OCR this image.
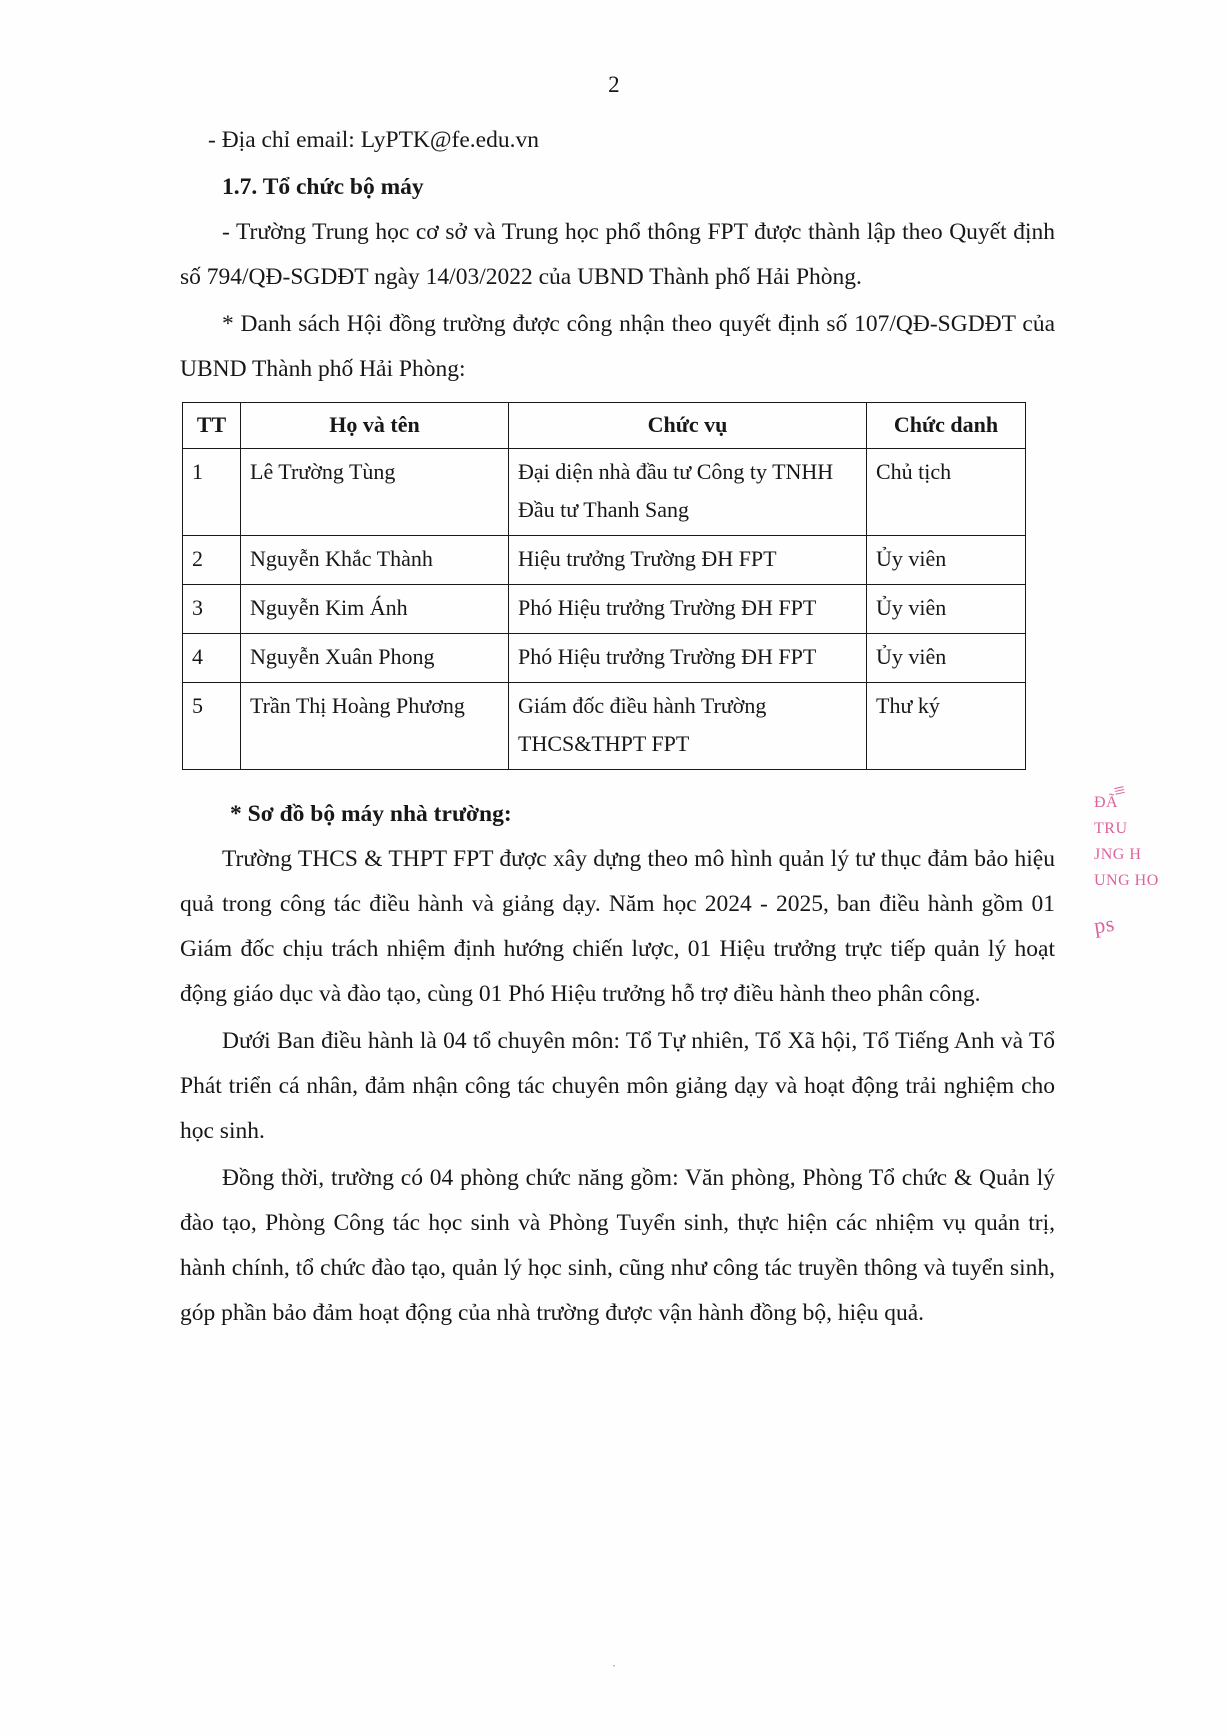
2

- Địa chỉ email: LyPTK@fe.edu.vn

1.7. Tổ chức bộ máy

- Trường Trung học cơ sở và Trung học phổ thông FPT được thành lập theo Quyết định số 794/QĐ-SGDĐT ngày 14/03/2022 của UBND Thành phố Hải Phòng.

* Danh sách Hội đồng trường được công nhận theo quyết định số 107/QĐ-SGDĐT của UBND Thành phố Hải Phòng:

TT	Họ và tên	Chức vụ	Chức danh
1	Lê Trường Tùng	Đại diện nhà đầu tư Công ty TNHH Đầu tư Thanh Sang	Chủ tịch
2	Nguyễn Khắc Thành	Hiệu trưởng Trường ĐH FPT	Ủy viên
3	Nguyễn Kim Ánh	Phó Hiệu trưởng Trường ĐH FPT	Ủy viên
4	Nguyễn Xuân Phong	Phó Hiệu trưởng Trường ĐH FPT	Ủy viên
5	Trần Thị Hoàng Phương	Giám đốc điều hành Trường THCS&THPT FPT	Thư ký

* Sơ đồ bộ máy nhà trường:

Trường THCS & THPT FPT được xây dựng theo mô hình quản lý tư thục đảm bảo hiệu quả trong công tác điều hành và giảng dạy. Năm học 2024 - 2025, ban điều hành gồm 01 Giám đốc chịu trách nhiệm định hướng chiến lược, 01 Hiệu trưởng trực tiếp quản lý hoạt động giáo dục và đào tạo, cùng 01 Phó Hiệu trưởng hỗ trợ điều hành theo phân công.

Dưới Ban điều hành là 04 tổ chuyên môn: Tổ Tự nhiên, Tổ Xã hội, Tổ Tiếng Anh và Tổ Phát triển cá nhân, đảm nhận công tác chuyên môn giảng dạy và hoạt động trải nghiệm cho học sinh.

Đồng thời, trường có 04 phòng chức năng gồm: Văn phòng, Phòng Tổ chức & Quản lý đào tạo, Phòng Công tác học sinh và Phòng Tuyển sinh, thực hiện các nhiệm vụ quản trị, hành chính, tổ chức đào tạo, quản lý học sinh, cũng như công tác truyền thông và tuyển sinh, góp phần bảo đảm hoạt động của nhà trường được vận hành đồng bộ, hiệu quả.

≡
ĐÃ
TRU
JNG H
UNG HO
ps
·
